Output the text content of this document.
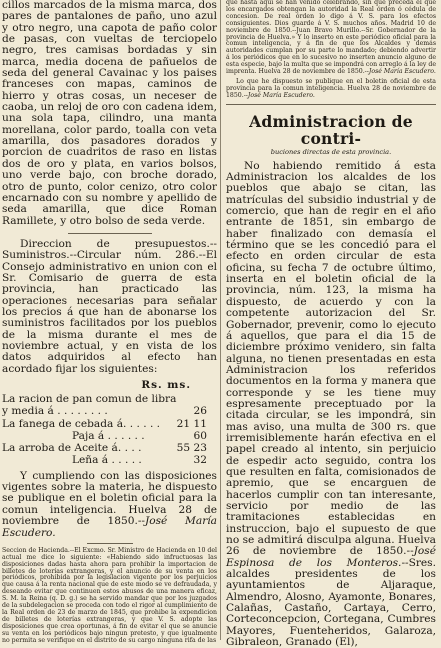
cillos marcados de la misma marca, dos pares de pantalones de paño, uno azul y otro negro, una capota de paño color de pasas, con vueltas de terciopelo negro, tres camisas bordadas y sin marca, media docena de pañuelos de seda del general Cavainac y los paises franceses con mapas, caminos de hierro y otras cosas, un neceser de caoba, un reloj de oro con cadena idem, una sola tapa, cilindro, una manta morellana, color pardo, toalla con veta amarilla, dos pasadores dorados y porcion de cuadritos de raso en listas dos de oro y plata, en varios bolsos, uno verde bajo, con broche dorado, otro de punto, color cenizo, otro color encarnado con su nombre y apellido de seda amarilla, que dice Roman Ramillete, y otro bolso de seda verde.

Direccion de presupuestos.--Suministros.--Circular núm. 286.--El Consejo administrativo en union con el Sr. Comisario de guerra de esta provincia, han practicado las operaciones necesarias para señalar los precios á que han de abonarse los suministros facilitados por los pueblos de la misma durante el mes de noviembre actual, y en vista de los datos adquiridos al efecto han acordado fijar los siguientes:

Rs. ms.
La racion de pan comun de libra	
y media á . . . . . . . .	26
La fanega de cebada á. . . . . .	21 11
Paja á . . . . . .	60
La arroba de Aceite á. . . .	55 23
Leña á . . . . .	32

Y cumpliendo con las disposiciones vigentes sobre la materia, he dispuesto se publique en el boletin oficial para la comun inteligencia. Huelva 28 de noviembre de 1850.--José María Escudero.

Seccion de Hacienda.--El Excmo. Sr. Ministro de Hacienda en 10 del actual me dice lo siguiente: «Habiendo sido infructuosas las disposiciones dadas hasta ahora para prohibir la importacion de billetes de loterías extrangeras, y el anuncio de su venta en los periódicos, prohibida por la legislacion vigente por los perjuicios que causa á la renta nacional que de este modo se ve defraudada, y deseando evitar que continuen estos abusos de una manera eficaz, S. M. la Reina (q. D. g.) se ha servido mandar que por los juzgados de la subdelegacion se proceda con todo el rigor al cumplimiento de la Real orden de 23 de marzo de 1845, que prohibe la expendicion de billetes de loterías extrangeras, y que V. S. adopte las disposiciones que crea oportunas, á fin de evitar el que se anuncie su venta en los periódicos bajo ningun pretesto, y que igualmente no permita se verifique en el distrito de su cargo ninguna rifa de las

que hasta aquí se han venido celebrando, sin que preceda el que los encargados obtengan la autoridad la Real órden ó cédula de concesion. De real órden lo digo á V. S. para los efectos consiguientes. Dios guarde á V. S. muchos años. Madrid 10 de noviembre de 1850.--Juan Bravo Murillo.--Sr. Gobernador de la provincia de Huelva.» Y lo inserto en este periódico oficial para la comun inteligencia, y á fin de que los Alcaldes y demás autoridades cumplan por su parte lo mandado; debiendo advertir á los periódicos que en lo sucesivo no inserten anuncio alguno de esta especie, bajo la multa que se impondrá con arreglo á la ley de imprenta. Huelva 28 de noviembre de 1850.--José María Escudero.

Lo que he dispuesto se publique en el boletin oficial de esta provincia para la comun inteligencia. Huelva 28 de noviembre de 1850.--José María Escudero.

Administracion de contri-
buciones directas de esta provincia.

No habiendo remitido á esta Administracion los alcaldes de los pueblos que abajo se citan, las matrículas del subsidio industrial y de comercio, que han de regir en el año entrante de 1851, sin embargo de haber finalizado con demasía el término que se les concedió para el efecto en orden circular de esta oficina, su fecha 7 de octubre último, inserta en el boletin oficial de la provincia, núm. 123, la misma ha dispuesto, de acuerdo y con la competente autorizacion del Sr. Gobernador, prevenir, como lo ejecuto á aquellos, que para el dia 15 de diciembre próximo venidero, sin falta alguna, no tienen presentadas en esta Administracion los referidos documentos en la forma y manera que corresponde y se les tiene muy espresamente preceptuado por la citada circular, se les impondrá, sin mas aviso, una multa de 300 rs. que irremisiblemente harán efectiva en el papel creado al intento, sin perjuicio de espedir acto seguido, contra los que resulten en falta, comisionados de apremio, que se encarguen de hacerlos cumplir con tan interesante, servicio por medio de las tramitaciones establecidas en instruccion, bajo el supuesto de que no se admitirá disculpa alguna. Huelva 26 de noviembre de 1850.--José Espinosa de los Monteros.--Sres. alcaldes presidentes de los ayuntamientos de Aljaraque, Almendro, Alosno, Ayamonte, Bonares, Calañas, Castaño, Cartaya, Cerro, Corteconcepcion, Cortegana, Cumbres Mayores, Fuenteheridos, Galaroza, Gibraleon, Granado (El),
